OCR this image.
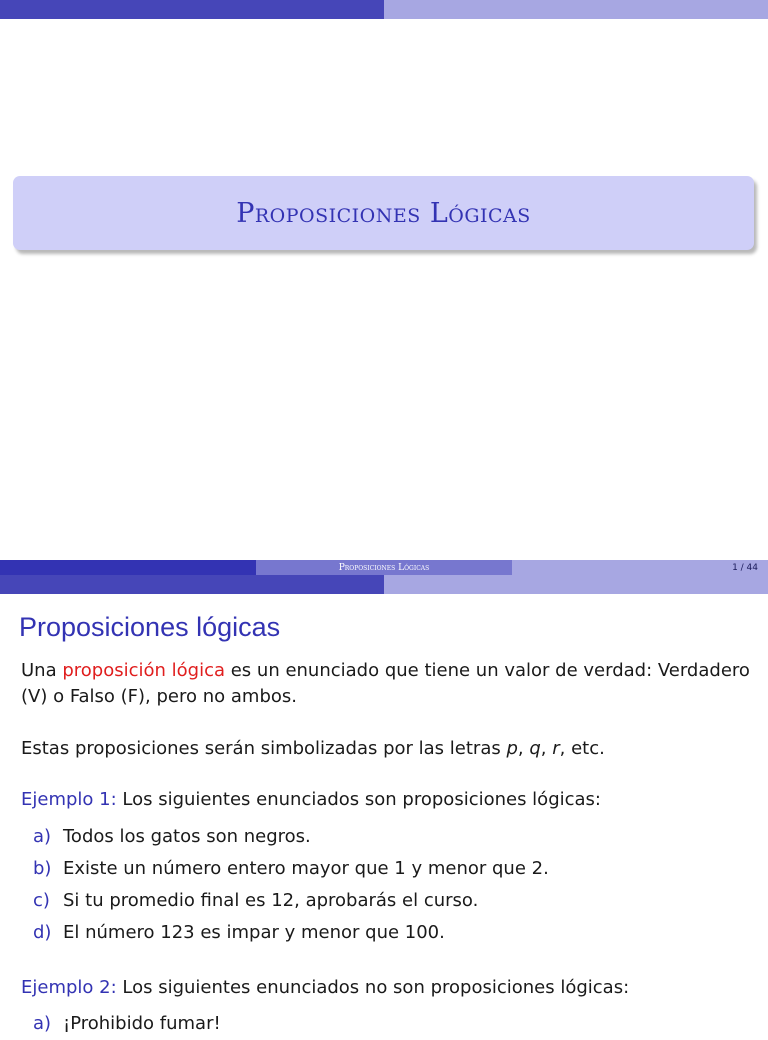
Proposiciones Lógicas
Proposiciones Lógicas	1 / 44
Proposiciones lógicas
Una proposición lógica es un enunciado que tiene un valor de verdad: Verdadero (V) o Falso (F), pero no ambos.
Estas proposiciones serán simbolizadas por las letras p, q, r, etc.
Ejemplo 1: Los siguientes enunciados son proposiciones lógicas:
a) Todos los gatos son negros.
b) Existe un número entero mayor que 1 y menor que 2.
c) Si tu promedio final es 12, aprobarás el curso.
d) El número 123 es impar y menor que 100.
Ejemplo 2: Los siguientes enunciados no son proposiciones lógicas:
a) ¡Prohibido fumar!
